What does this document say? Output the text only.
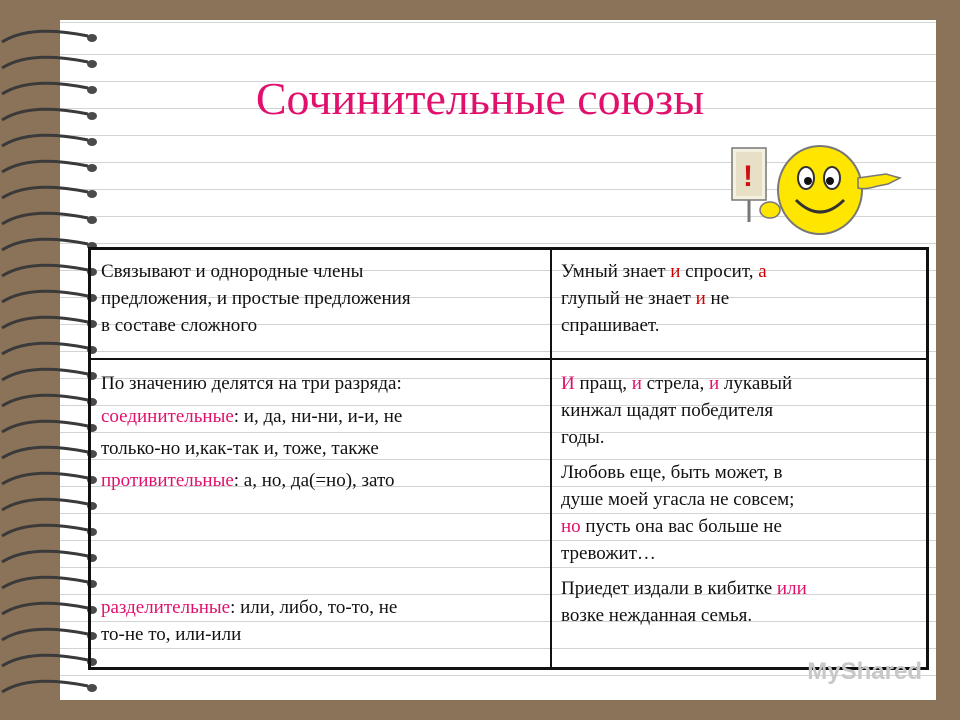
Сочинительные союзы
!
Связывают и однородные члены
предложения, и простые предложения
в составе сложного
Умный знает и спросит, а
глупый не знает и не
спрашивает.
По значению делятся на три разряда:
соединительные: и, да, ни-ни, и-и, не
только-но и,как-так и, тоже, также
противительные: а, но, да(=но), зато
разделительные: или, либо, то-то, не
то-не то, или-или
И пращ, и стрела, и лукавый
кинжал щадят победителя
годы.
Любовь еще, быть может, в
душе моей угасла не совсем;
но пусть она вас больше не
тревожит…
Приедет издали в кибитке или
возке нежданная семья.
MyShared
